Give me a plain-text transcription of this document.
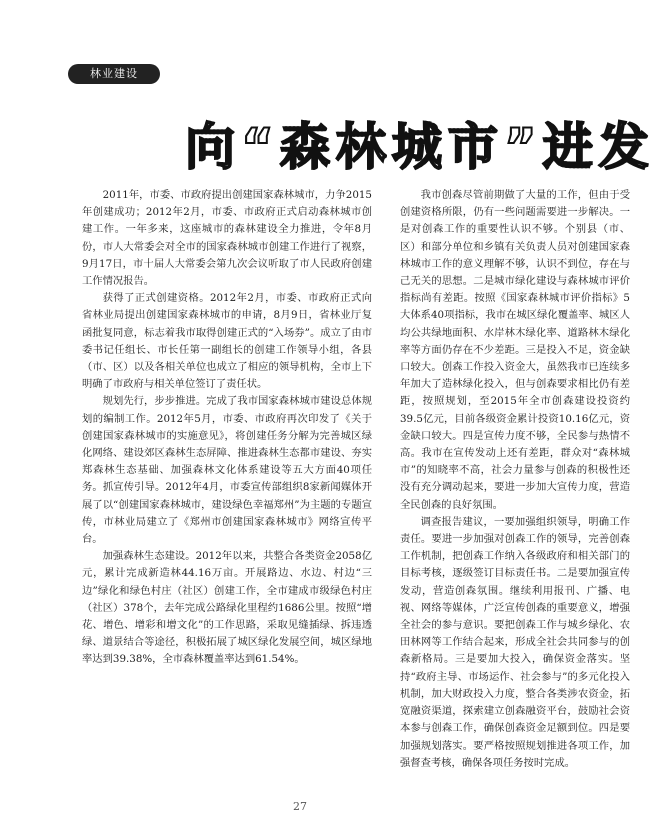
林业建设
向“森林城市”进发

2011年，市委、市政府提出创建国家森林城市，力争2015年创建成功；2012年2月，市委、市政府正式启动森林城市创建工作。一年多来，这座城市的森林建设全力推进，令年8月份，市人大常委会对全市的国家森林城市创建工作进行了视察，9月17日，市十届人大常委会第九次会议听取了市人民政府创建工作情况报告。

获得了正式创建资格。2012年2月，市委、市政府正式向省林业局提出创建国家森林城市的申请，8月9日，省林业厅复函批复同意，标志着我市取得创建正式的“入场券”。成立了由市委书记任组长、市长任第一副组长的创建工作领导小组，各县（市、区）以及各相关单位也成立了相应的领导机构，全市上下明确了市政府与相关单位签订了责任状。

规划先行，步步推进。完成了我市国家森林城市建设总体规划的编制工作。2012年5月，市委、市政府再次印发了《关于创建国家森林城市的实施意见》，将创建任务分解为完善城区绿化网络、建设郊区森林生态屏障、推进森林生态都市建设、夯实郑森林生态基础、加强森林文化体系建设等五大方面40项任务。抓宣传引导。2012年4月，市委宣传部组织8家新闻媒体开展了以“创建国家森林城市，建设绿色幸福郑州”为主题的专题宣传，市林业局建立了《郑州市创建国家森林城市》网络宣传平台。

加强森林生态建设。2012年以来，共整合各类资金2058亿元，累计完成新造林44.16万亩。开展路边、水边、村边“三边”绿化和绿色村庄（社区）创建工作，全市建成市级绿色村庄（社区）378个，去年完成公路绿化里程约1686公里。按照“增花、增色、增彩和增文化”的工作思路，采取见缝插绿、拆违透绿、道景结合等途径，积极拓展了城区绿化发展空间，城区绿地率达到39.38%，全市森林覆盖率达到61.54%。

我市创森尽管前期做了大量的工作，但由于受创建资格所限，仍有一些问题需要进一步解决。一是对创森工作的重要性认识不够。个别县（市、区）和部分单位和乡镇有关负责人员对创建国家森林城市工作的意义理解不够，认识不到位，存在与己无关的思想。二是城市绿化建设与森林城市评价指标尚有差距。按照《国家森林城市评价指标》5大体系40项指标，我市在城区绿化覆盖率、城区人均公共绿地面积、水岸林木绿化率、道路林木绿化率等方面仍存在不少差距。三是投入不足，资金缺口较大。创森工作投入资金大，虽然我市已连续多年加大了造林绿化投入，但与创森要求相比仍有差距，按照规划，至2015年全市创森建设投资约39.5亿元，目前各级资金累计投资10.16亿元，资金缺口较大。四是宣传力度不够，全民参与热情不高。我市在宣传发动上还有差距，群众对“森林城市”的知晓率不高，社会力量参与创森的积极性还没有充分调动起来，要进一步加大宣传力度，营造全民创森的良好氛围。

调查报告建议，一要加强组织领导，明确工作责任。要进一步加强对创森工作的领导，完善创森工作机制，把创森工作纳入各级政府和相关部门的目标考核，逐级签订目标责任书。二是要加强宣传发动，营造创森氛围。继续利用报刊、广播、电视、网络等媒体，广泛宣传创森的重要意义，增强全社会的参与意识。要把创森工作与城乡绿化、农田林网等工作结合起来，形成全社会共同参与的创森新格局。三是要加大投入，确保资金落实。坚持“政府主导、市场运作、社会参与”的多元化投入机制，加大财政投入力度，整合各类涉农资金，拓宽融资渠道，探索建立创森融资平台，鼓励社会资本参与创森工作，确保创森资金足额到位。四是要加强规划落实。要严格按照规划推进各项工作，加强督查考核，确保各项任务按时完成。

27
